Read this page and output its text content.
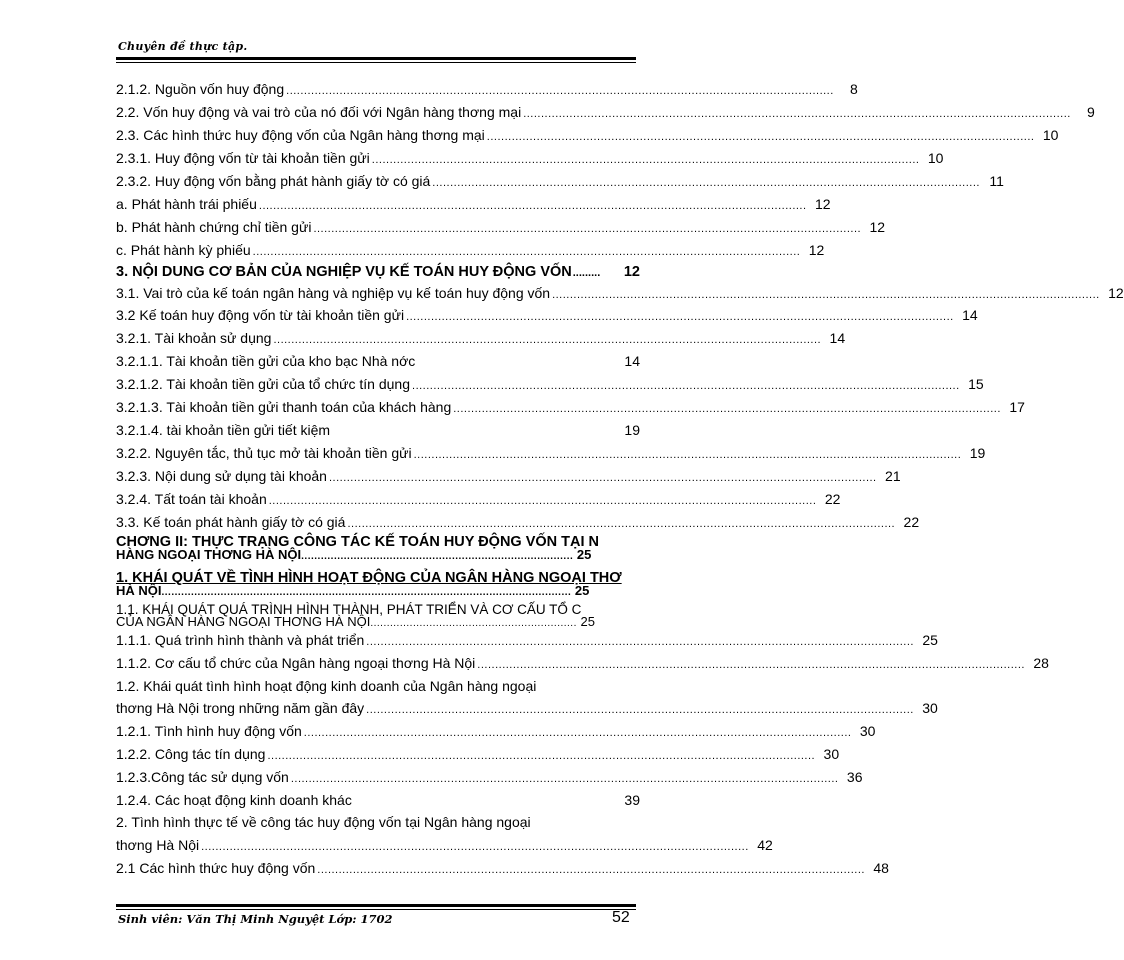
Chuyên đề thực tập.
2.1.2. Nguồn vốn huy động ..........................................................................................................................................................	8
2.2. Vốn huy động và vai trò của nó đối với Ngân hàng thơng mại ..........................................................................................................................................................	9
2.3. Các hình thức huy động vốn của Ngân hàng thơng mại .......................................................................................................................................................... 10
2.3.1. Huy động vốn từ tài khoản tiền gửi .......................................................................................................................................................... 10
2.3.2. Huy động vốn bằng phát hành giấy tờ có giá .......................................................................................................................................................... 11
a. Phát hành trái phiếu .......................................................................................................................................................... 12
b. Phát hành chứng chỉ tiền gửi .......................................................................................................................................................... 12
c. Phát hành kỳ phiếu .......................................................................................................................................................... 12
3. NỘI DUNG CƠ BẢN CỦA NGHIỆP VỤ KẾ TOÁN HUY ĐỘNG VỐN .........	12
3.1. Vai trò của kế toán ngân hàng và nghiệp vụ kế toán huy động vốn .......................................................................................................................................................... 12
3.2 Kế toán huy động vốn từ tài khoản tiền gửi .......................................................................................................................................................... 14
3.2.1. Tài khoản sử dụng .......................................................................................................................................................... 14
3.2.1.1. Tài khoản tiền gửi của kho bạc Nhà nớc	14
3.2.1.2. Tài khoản tiền gửi của tổ chức tín dụng .......................................................................................................................................................... 15
3.2.1.3. Tài khoản tiền gửi thanh toán của khách hàng .......................................................................................................................................................... 17
3.2.1.4. tài khoản tiền gửi tiết kiệm	19
3.2.2. Nguyên tắc, thủ tục mở tài khoản tiền gửi .......................................................................................................................................................... 19
3.2.3. Nội dung sử dụng tài khoản .......................................................................................................................................................... 21
3.2.4. Tất toán tài khoản .......................................................................................................................................................... 22
3.3. Kế toán phát hành giấy tờ có giá .......................................................................................................................................................... 22
CHƠNG II: THỰC TRẠNG CÔNG TÁC KẾ TOÁN HUY ĐỘNG VỐN TẠI N
HÀNG NGOẠI THƠNG HÀ NỘI................................................................................... 25
1. KHÁI QUÁT VỀ TÌNH HÌNH HOẠT ĐỘNG CỦA NGÂN HÀNG NGOẠI THƠ
HÀ NỘI............................................................................................................................. 25
1.1. KHÁI QUÁT QUÁ TRÌNH HÌNH THÀNH, PHÁT TRIỂN VÀ CƠ CẤU TỔ C
CỦA NGÂN HÀNG NGOẠI THƠNG HÀ NỘI............................................................... 25
1.1.1. Quá trình hình thành và phát triển .......................................................................................................................................................... 25
1.1.2. Cơ cấu tổ chức của Ngân hàng ngoại thơng Hà Nội .......................................................................................................................................................... 28
1.2. Khái quát tình hình hoạt động kinh doanh của Ngân hàng ngoại
thơng Hà Nội trong những năm gần đây .......................................................................................................................................................... 30
1.2.1. Tình hình huy động vốn .......................................................................................................................................................... 30
1.2.2. Công tác tín dụng .......................................................................................................................................................... 30
1.2.3.Công tác sử dụng vốn .......................................................................................................................................................... 36
1.2.4. Các hoạt động kinh doanh khác	39
2. Tình hình thực tế về công tác huy động vốn tại Ngân hàng ngoại
thơng Hà Nội .......................................................................................................................................................... 42
2.1 Các hình thức huy động vốn .......................................................................................................................................................... 48
Sinh viên: Văn Thị Minh Nguyệt Lớp: 1702	52
